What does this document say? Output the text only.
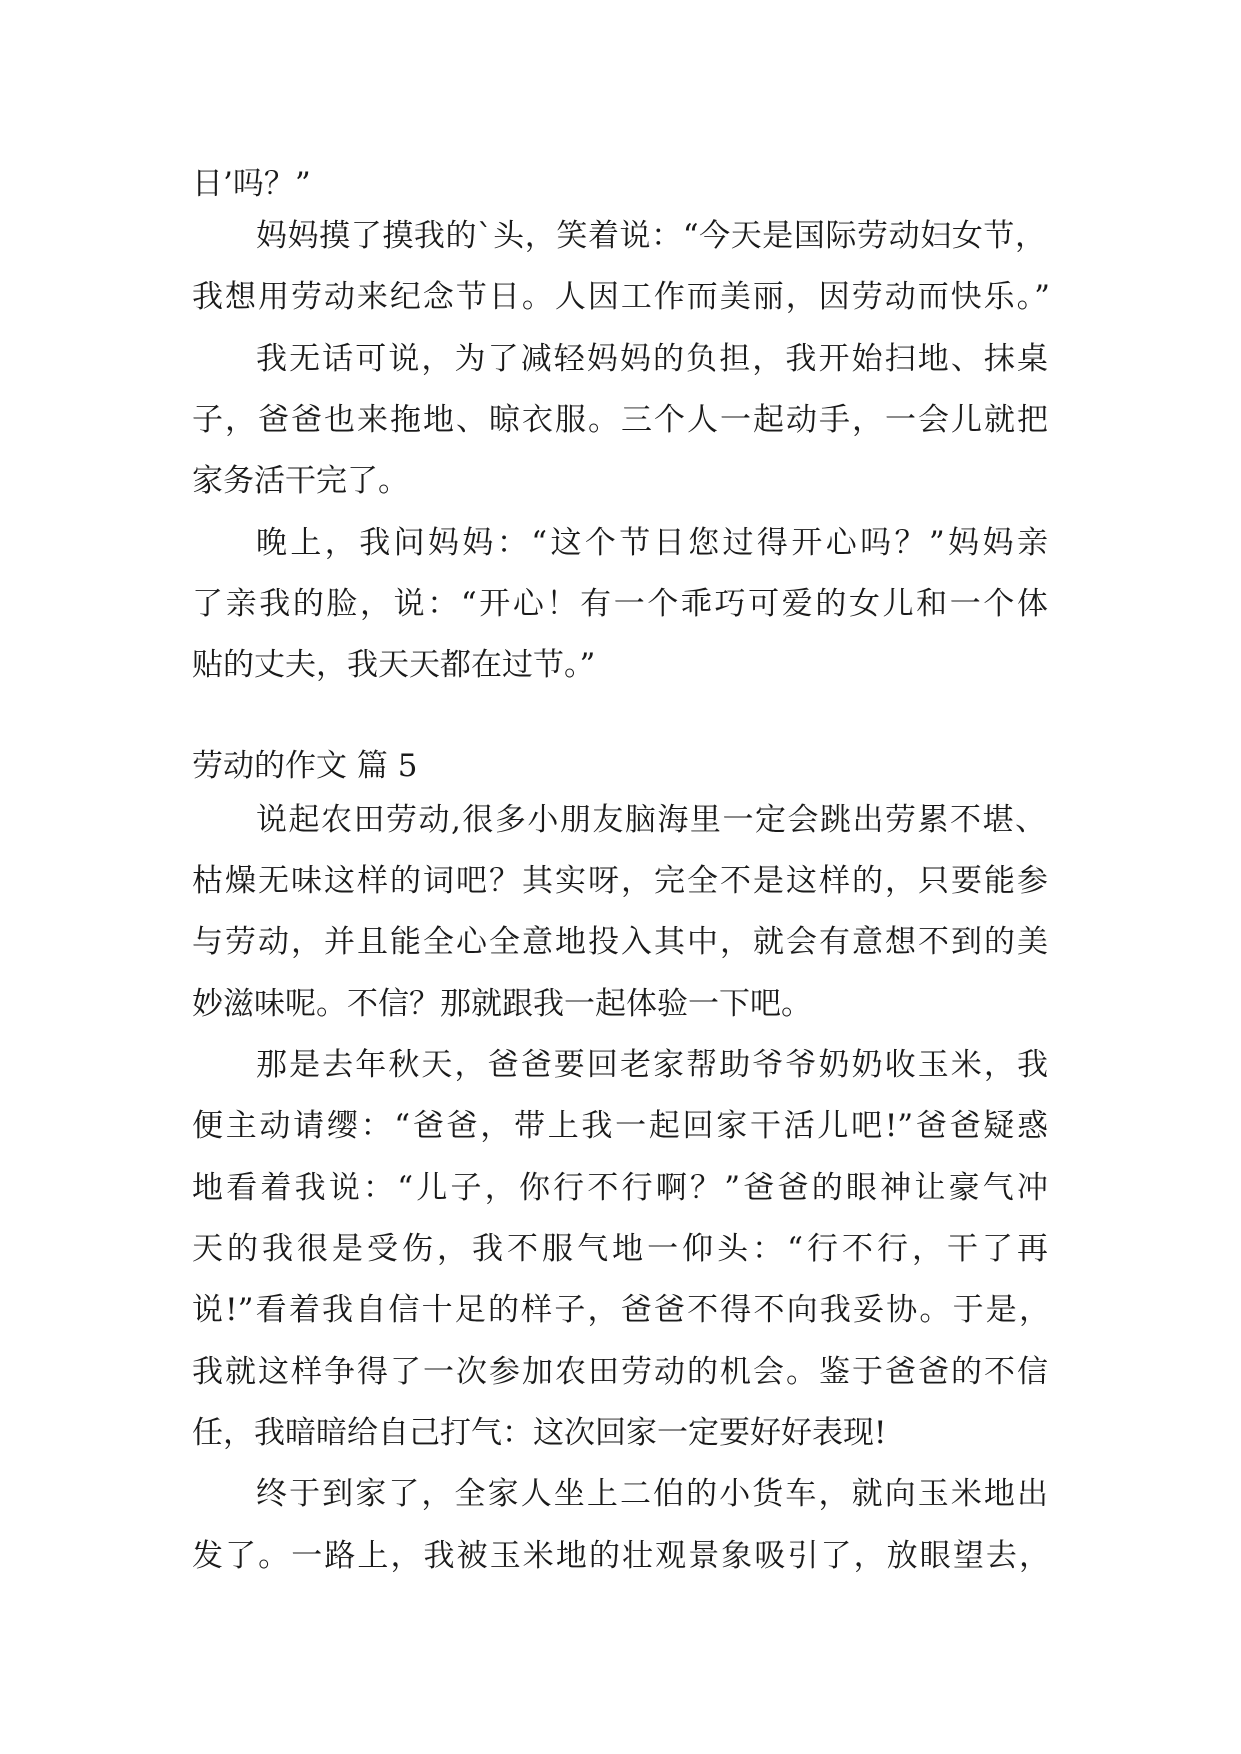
日’吗？”
妈妈摸了摸我的`头，笑着说：“今天是国际劳动妇女节，
我想用劳动来纪念节日。人因工作而美丽，因劳动而快乐。”
我无话可说，为了减轻妈妈的负担，我开始扫地、抹桌
子，爸爸也来拖地、晾衣服。三个人一起动手，一会儿就把
家务活干完了。
晚上，我问妈妈：“这个节日您过得开心吗？”妈妈亲
了亲我的脸，说：“开心！有一个乖巧可爱的女儿和一个体
贴的丈夫，我天天都在过节。”
劳动的作文 篇 5
说起农田劳动,很多小朋友脑海里一定会跳出劳累不堪、
枯燥无味这样的词吧？其实呀，完全不是这样的，只要能参
与劳动，并且能全心全意地投入其中，就会有意想不到的美
妙滋味呢。不信？那就跟我一起体验一下吧。
那是去年秋天，爸爸要回老家帮助爷爷奶奶收玉米，我
便主动请缨：“爸爸，带上我一起回家干活儿吧!”爸爸疑惑
地看着我说：“儿子，你行不行啊？”爸爸的眼神让豪气冲
天的我很是受伤，我不服气地一仰头：“行不行，干了再
说!”看着我自信十足的样子，爸爸不得不向我妥协。于是，
我就这样争得了一次参加农田劳动的机会。鉴于爸爸的不信
任，我暗暗给自己打气：这次回家一定要好好表现!
终于到家了，全家人坐上二伯的小货车，就向玉米地出
发了。一路上，我被玉米地的壮观景象吸引了，放眼望去，
